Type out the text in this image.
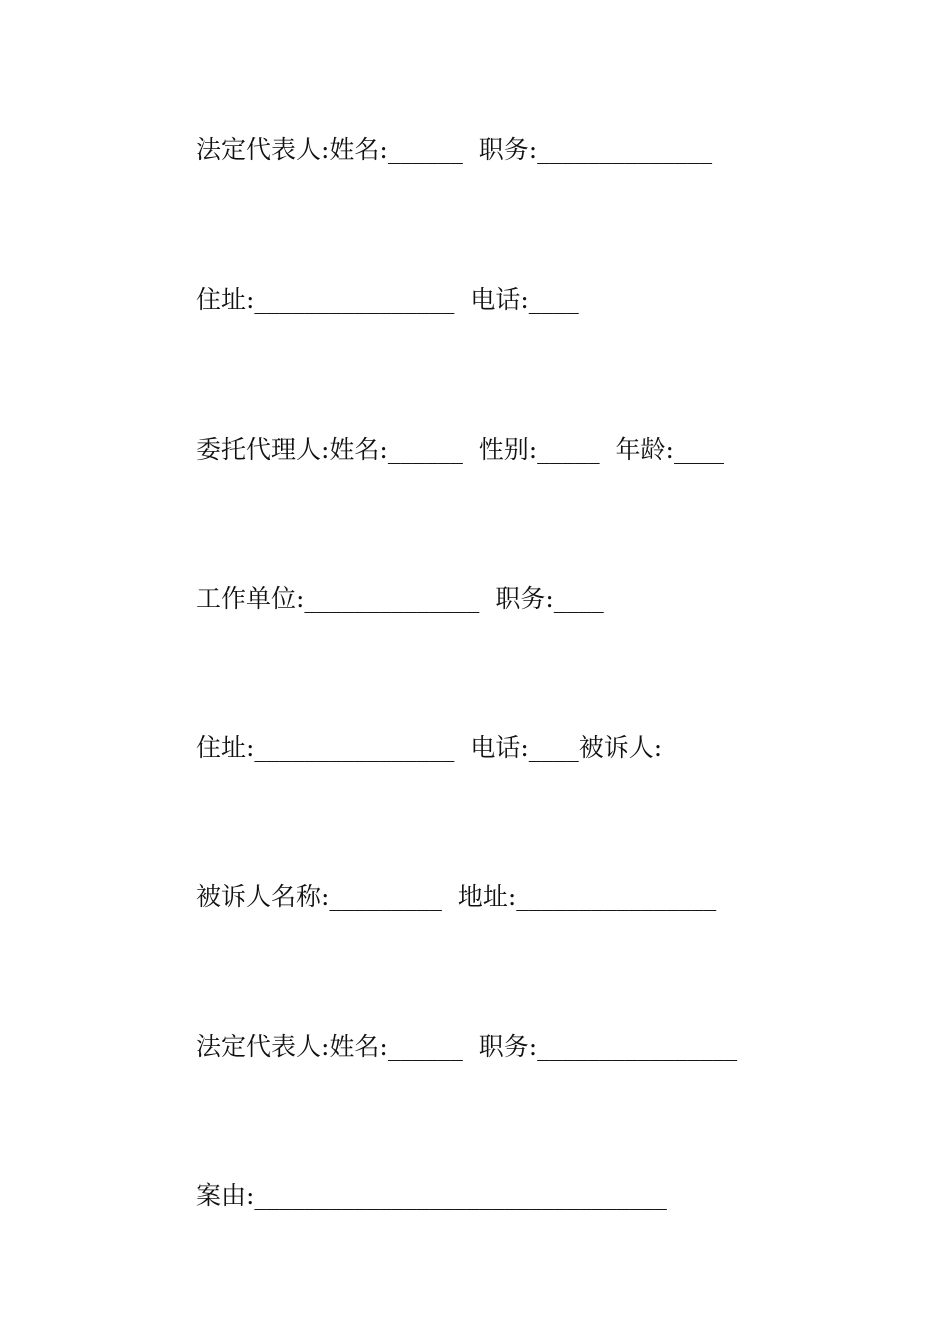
法定代表人:姓名:______  职务:______________

住址:________________  电话:____

委托代理人:姓名:______  性别:_____  年龄:____

工作单位:______________  职务:____

住址:________________  电话:____被诉人:

被诉人名称:_________  地址:________________

法定代表人:姓名:______  职务:________________

案由:_________________________________
